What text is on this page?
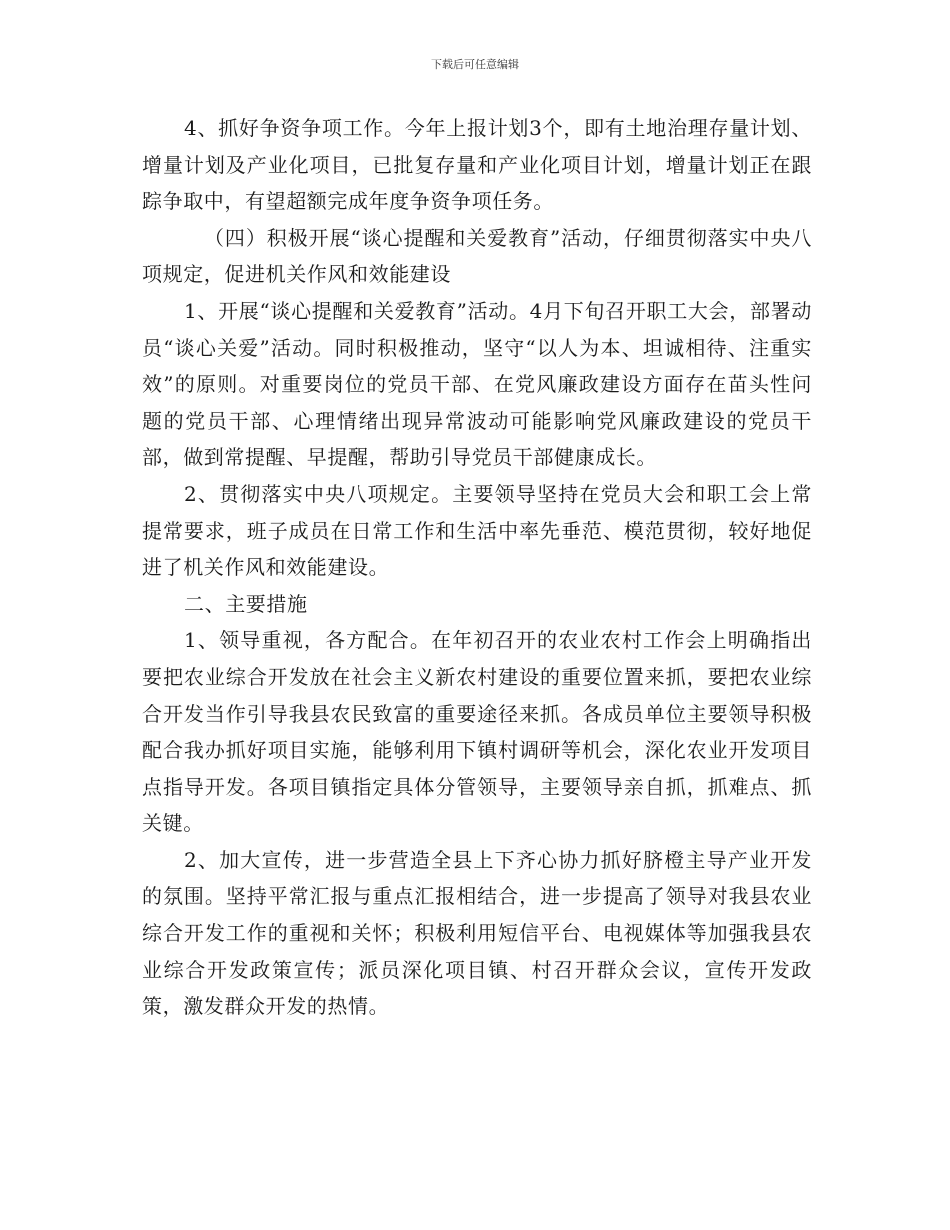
下载后可任意编辑

4、抓好争资争项工作。今年上报计划3个，即有土地治理存量计划、增量计划及产业化项目，已批复存量和产业化项目计划，增量计划正在跟踪争取中，有望超额完成年度争资争项任务。

（四）积极开展“谈心提醒和关爱教育”活动，仔细贯彻落实中央八项规定，促进机关作风和效能建设

1、开展“谈心提醒和关爱教育”活动。4月下旬召开职工大会，部署动员“谈心关爱”活动。同时积极推动，坚守“以人为本、坦诚相待、注重实效”的原则。对重要岗位的党员干部、在党风廉政建设方面存在苗头性问题的党员干部、心理情绪出现异常波动可能影响党风廉政建设的党员干部，做到常提醒、早提醒，帮助引导党员干部健康成长。

2、贯彻落实中央八项规定。主要领导坚持在党员大会和职工会上常提常要求，班子成员在日常工作和生活中率先垂范、模范贯彻，较好地促进了机关作风和效能建设。

二、主要措施

1、领导重视，各方配合。在年初召开的农业农村工作会上明确指出要把农业综合开发放在社会主义新农村建设的重要位置来抓，要把农业综合开发当作引导我县农民致富的重要途径来抓。各成员单位主要领导积极配合我办抓好项目实施，能够利用下镇村调研等机会，深化农业开发项目点指导开发。各项目镇指定具体分管领导，主要领导亲自抓，抓难点、抓关键。

2、加大宣传，进一步营造全县上下齐心协力抓好脐橙主导产业开发的氛围。坚持平常汇报与重点汇报相结合，进一步提高了领导对我县农业综合开发工作的重视和关怀；积极利用短信平台、电视媒体等加强我县农业综合开发政策宣传；派员深化项目镇、村召开群众会议，宣传开发政策，激发群众开发的热情。
